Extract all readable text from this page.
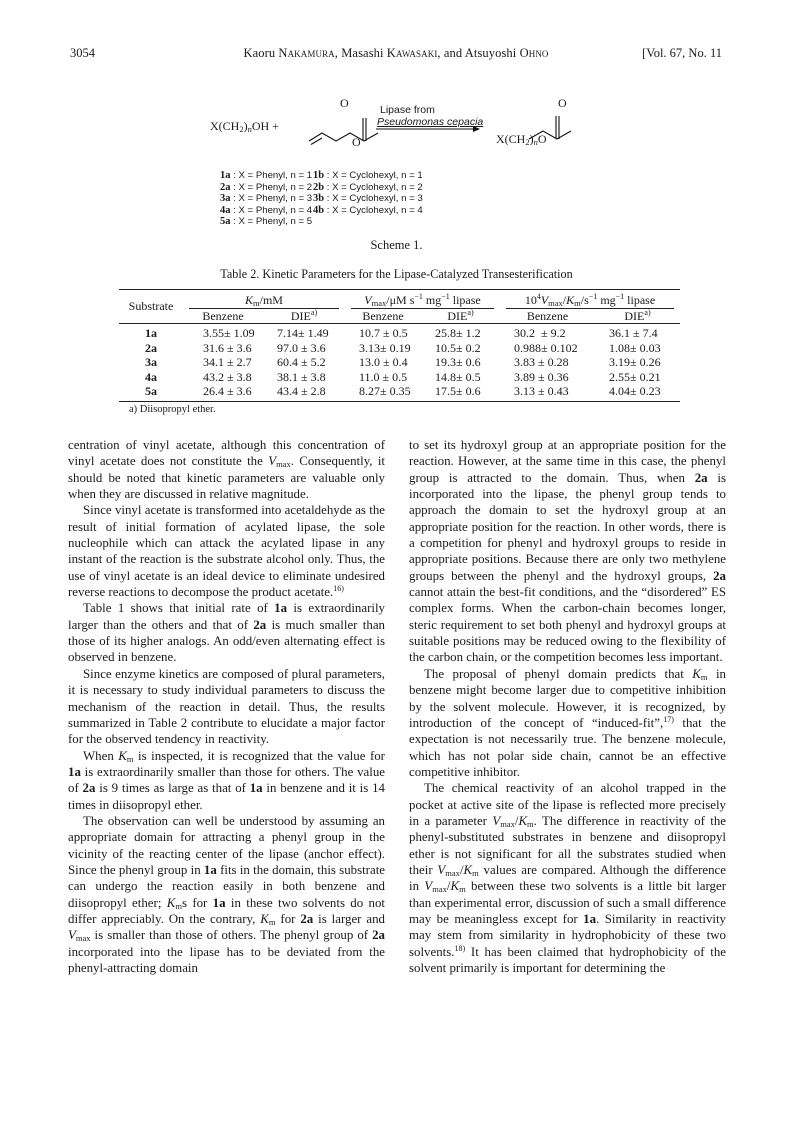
3054	Kaoru Nakamura, Masashi Kawasaki, and Atsuyoshi Ohno	[Vol. 67, No. 11
$X(CH_2)_nOH$ +
O
O
Lipase from
Pseudomonas cepacia
O
$X(CH_2)_nO$
1a : X = Phenyl, n = 1
2a : X = Phenyl, n = 2
3a : X = Phenyl, n = 3
4a : X = Phenyl, n = 4
5a : X = Phenyl, n = 5
1b : X = Cyclohexyl, n = 1
2b : X = Cyclohexyl, n = 2
3b : X = Cyclohexyl, n = 3
4b : X = Cyclohexyl, n = 4
Scheme 1.
Table 2. Kinetic Parameters for the Lipase-Catalyzed Transesterification
Substrate	$K_m/mM$		$V_{max}/\mu M$ $s^{-1}$ $mg^{-1}$ lipase		$10^4V_{max}/K_m/s^{-1}$ $mg^{-1}$ lipase	

	Benzene	DIE$^{a)}$	Benzene	DIE$^{a)}$	Benzene	DIE$^{a)}$
1a	3.55± 1.09	7.14± 1.49	10.7 ± 0.5	25.8± 1.2	30.2  ± 9.2	36.1 ± 7.4
2a	31.6 ± 3.6	97.0 ± 3.6	3.13± 0.19	10.5± 0.2	0.988± 0.102	1.08± 0.03
3a	34.1 ± 2.7	60.4 ± 5.2	13.0 ± 0.4	19.3± 0.6	3.83 ± 0.28	3.19± 0.26
4a	43.2 ± 3.8	38.1 ± 3.8	11.0 ± 0.5	14.8± 0.5	3.89 ± 0.36	2.55± 0.21
5a	26.4 ± 3.6	43.4 ± 2.8	8.27± 0.35	17.5± 0.6	3.13 ± 0.43	4.04± 0.23
a) Diisopropyl ether.

centration of vinyl acetate, although this concentration of vinyl acetate does not constitute the $V_{max}$. Consequently, it should be noted that kinetic parameters are valuable only when they are discussed in relative magnitude.

Since vinyl acetate is transformed into acetaldehyde as the result of initial formation of acylated lipase, the sole nucleophile which can attack the acylated lipase in any instant of the reaction is the substrate alcohol only. Thus, the use of vinyl acetate is an ideal device to eliminate undesired reverse reactions to decompose the product acetate.$^{16)}$

Table 1 shows that initial rate of 1a is extraordinarily larger than the others and that of 2a is much smaller than those of its higher analogs. An odd/even alternating effect is observed in benzene.

Since enzyme kinetics are composed of plural parameters, it is necessary to study individual parameters to discuss the mechanism of the reaction in detail. Thus, the results summarized in Table 2 contribute to elucidate a major factor for the observed tendency in reactivity.

When $K_m$ is inspected, it is recognized that the value for 1a is extraordinarily smaller than those for others. The value of 2a is 9 times as large as that of 1a in benzene and it is 14 times in diisopropyl ether.

The observation can well be understood by assuming an appropriate domain for attracting a phenyl group in the vicinity of the reacting center of the lipase (anchor effect). Since the phenyl group in 1a fits in the domain, this substrate can undergo the reaction easily in both benzene and diisopropyl ether; $K_ms$ for 1a in these two solvents do not differ appreciably. On the contrary, $K_m$ for 2a is larger and $V_{max}$ is smaller than those of others. The phenyl group of 2a incorporated into the lipase has to be deviated from the phenyl-attracting domain

to set its hydroxyl group at an appropriate position for the reaction. However, at the same time in this case, the phenyl group is attracted to the domain. Thus, when 2a is incorporated into the lipase, the phenyl group tends to approach the domain to set the hydroxyl group at an appropriate position for the reaction. In other words, there is a competition for phenyl and hydroxyl groups to reside in appropriate positions. Because there are only two methylene groups between the phenyl and the hydroxyl groups, 2a cannot attain the best-fit conditions, and the “disordered” ES complex forms. When the carbon-chain becomes longer, steric requirement to set both phenyl and hydroxyl groups at suitable positions may be reduced owing to the flexibility of the carbon chain, or the competition becomes less important.

The proposal of phenyl domain predicts that $K_m$ in benzene might become larger due to competitive inhibition by the solvent molecule. However, it is recognized, by introduction of the concept of “induced-fit”,$^{17)}$ that the expectation is not necessarily true. The benzene molecule, which has not polar side chain, cannot be an effective competitive inhibitor.

The chemical reactivity of an alcohol trapped in the pocket at active site of the lipase is reflected more precisely in a parameter $V_{max}/K_m$. The difference in reactivity of the phenyl-substituted substrates in benzene and diisopropyl ether is not significant for all the substrates studied when their $V_{max}/K_m$ values are compared. Although the difference in $V_{max}/K_m$ between these two solvents is a little bit larger than experimental error, discussion of such a small difference may be meaningless except for 1a. Similarity in reactivity may stem from similarity in hydrophobicity of these two solvents.$^{18)}$ It has been claimed that hydrophobicity of the solvent primarily is important for determining the
